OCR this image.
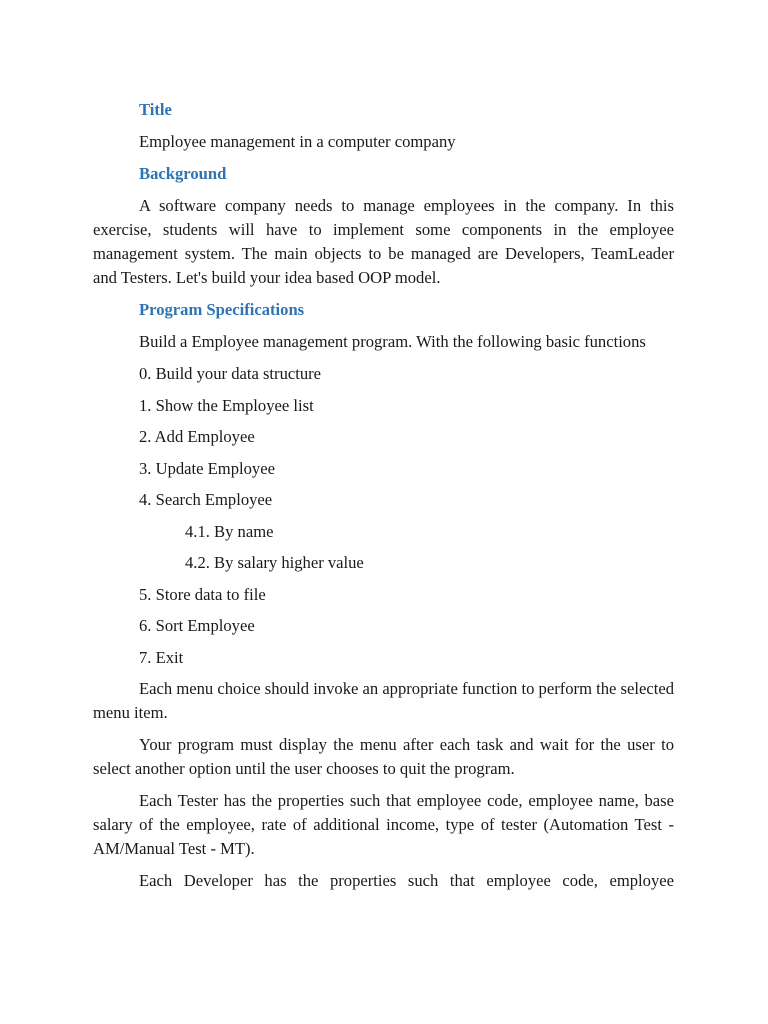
Title

Employee management in a computer company

Background

A software company needs to manage employees in the company. In this exercise, students will have to implement some components in the employee management system. The main objects to be managed are Developers, TeamLeader and Testers. Let's build your idea based OOP model.

Program Specifications

Build a Employee management program. With the following basic functions

0. Build your data structure

1. Show the Employee list

2. Add Employee

3. Update Employee

4. Search Employee

4.1. By name

4.2. By salary higher value

5. Store data to file

6. Sort Employee

7. Exit

Each menu choice should invoke an appropriate function to perform the selected menu item.

Your program must display the menu after each task and wait for the user to select another option until the user chooses to quit the program.

Each Tester has the properties such that employee code, employee name, base salary of the employee, rate of additional income, type of tester (Automation Test - AM/Manual Test - MT).

Each Developer has the properties such that employee code, employee
